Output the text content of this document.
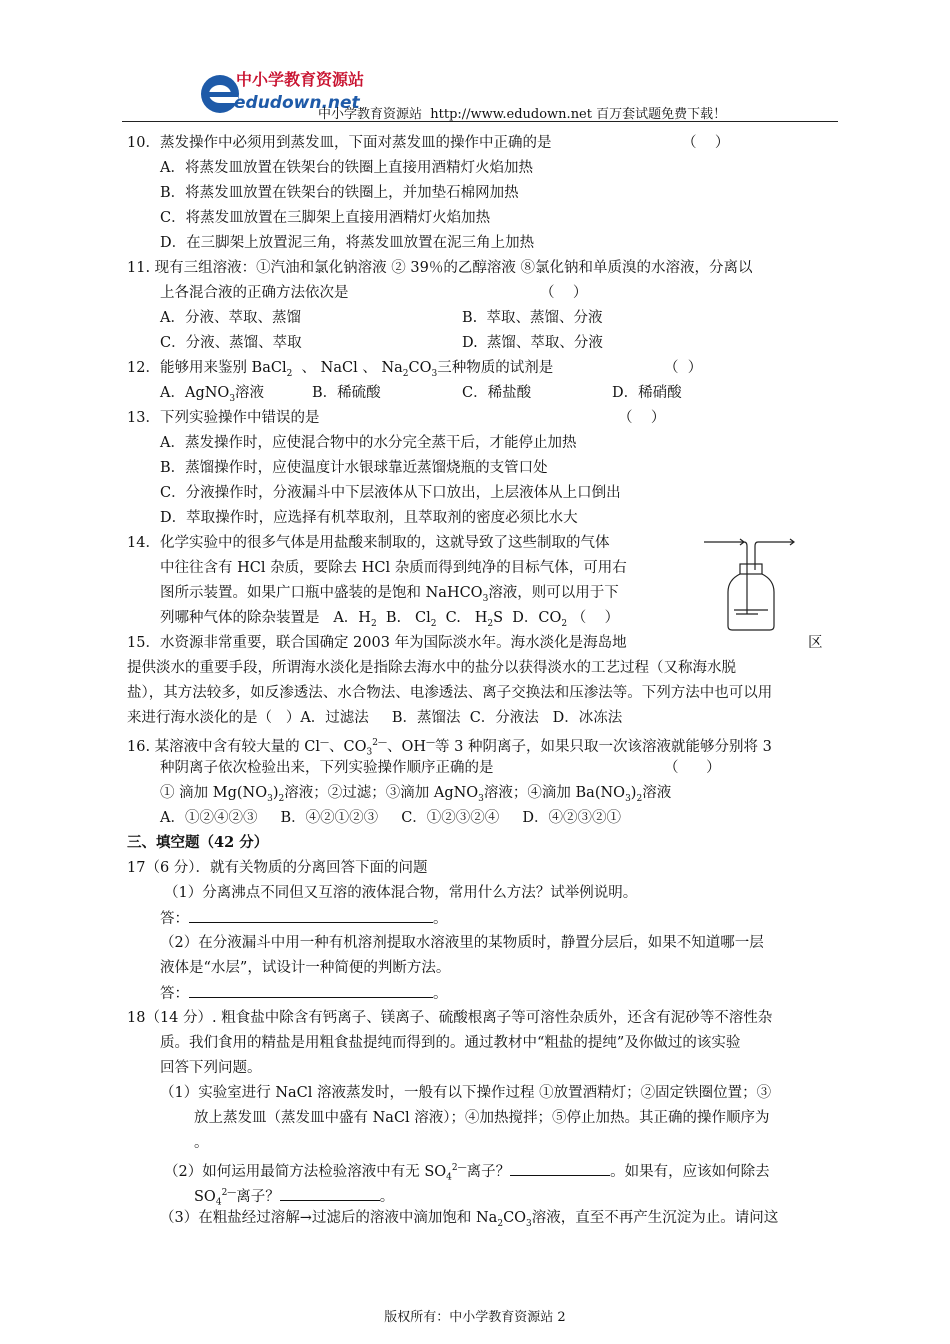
中小学教育资源站
edudown.net
中小学教育资源站  http://www.edudown.net 百万套试题免费下载！
10．蒸发操作中必须用到蒸发皿，下面对蒸发皿的操作中正确的是	（    ）
A．将蒸发皿放置在铁架台的铁圈上直接用酒精灯火焰加热
B．将蒸发皿放置在铁架台的铁圈上，并加垫石棉网加热
C．将蒸发皿放置在三脚架上直接用酒精灯火焰加热
D．在三脚架上放置泥三角，将蒸发皿放置在泥三角上加热
11. 现有三组溶液：①汽油和氯化钠溶液 ② 39％的乙醇溶液 ⑧氯化钠和单质溴的水溶液，分离以
上各混合液的正确方法依次是	（    ）
A．分液、萃取、蒸馏	B.  萃取、蒸馏、分液
C．分液、蒸馏、萃取	D.  蒸馏、萃取、分液
12．能够用来鉴别 BaCl$_2$  、 NaCl 、 $Na_2CO_3$三种物质的试剂是	（  ）
A．AgNO$_3$溶液	B．稀硫酸	C．稀盐酸	D．稀硝酸
13．下列实验操作中错误的是	（    ）
A．蒸发操作时，应使混合物中的水分完全蒸干后，才能停止加热
B．蒸馏操作时，应使温度计水银球靠近蒸馏烧瓶的支管口处
C．分液操作时，分液漏斗中下层液体从下口放出，上层液体从上口倒出
D．萃取操作时，应选择有机萃取剂，且萃取剂的密度必须比水大
14．化学实验中的很多气体是用盐酸来制取的，这就导致了这些制取的气体
中往往含有 HCl 杂质，要除去 HCl 杂质而得到纯净的目标气体，可用右
图所示装置。如果广口瓶中盛装的是饱和 NaHCO$_3$溶液，则可以用于下
列哪种气体的除杂装置是   A．$H_2$  B.   $Cl_2$  C.   $H_2S$  D．$CO_2$ （    ）
15．水资源非常重要，联合国确定 2003 年为国际淡水年。海水淡化是海岛地	区
提供淡水的重要手段，所谓海水淡化是指除去海水中的盐分以获得淡水的工艺过程（又称海水脱
盐），其方法较多，如反渗透法、水合物法、电渗透法、离子交换法和压渗法等。下列方法中也可以用
来进行海水淡化的是（   ）A．过滤法     B．蒸馏法  C．分液法   D．冰冻法
16. 某溶液中含有较大量的 Cl—、$CO_3^{2—}$、OH—等 3 种阴离子，如果只取一次该溶液就能够分别将 3
种阴离子依次检验出来，下列实验操作顺序正确的是	（      ）
① 滴加 $Mg(NO_3)_2$溶液；②过滤；③滴加 AgNO$_3$溶液；④滴加 $Ba(NO_3)_2$溶液
A．①②④②③     B．④②①②③     C．①②③②④     D．④②③②①
三、填空题（42 分）
17（6 分）．就有关物质的分离回答下面的问题
（1）分离沸点不同但又互溶的液体混合物，常用什么方法？试举例说明。
答：	。
（2）在分液漏斗中用一种有机溶剂提取水溶液里的某物质时，静置分层后，如果不知道哪一层
液体是“水层”，试设计一种简便的判断方法。
答：	。
18（14 分）. 粗食盐中除含有钙离子、镁离子、硫酸根离子等可溶性杂质外，还含有泥砂等不溶性杂
质。我们食用的精盐是用粗食盐提纯而得到的。通过教材中“粗盐的提纯”及你做过的该实验
回答下列问题。
（1）实验室进行 NaCl 溶液蒸发时，一般有以下操作过程 ①放置酒精灯；②固定铁圈位置；③
放上蒸发皿（蒸发皿中盛有 NaCl 溶液）；④加热搅拌；⑤停止加热。其正确的操作顺序为
。
（2）如何运用最简方法检验溶液中有无 $SO_4^{2—}$离子？	。如果有，应该如何除去
$SO_4^{2—}$离子？	。
（3）在粗盐经过溶解→过滤后的溶液中滴加饱和 $Na_2CO_3$溶液，直至不再产生沉淀为止。请问这
版权所有：中小学教育资源站 2
